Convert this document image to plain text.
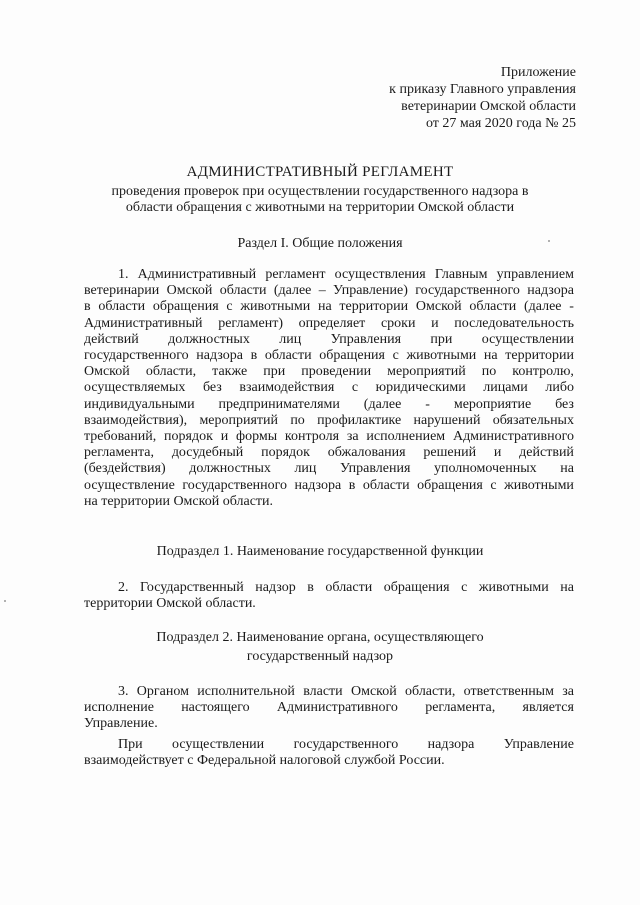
Приложение
к приказу Главного управления
ветеринарии Омской области
от 27 мая 2020 года № 25
АДМИНИСТРАТИВНЫЙ РЕГЛАМЕНТ
проведения проверок при осуществлении государственного надзора в области обращения с животными на территории Омской области
Раздел I. Общие положения
1. Административный регламент осуществления Главным управлением
ветеринарии Омской области (далее – Управление) государственного надзора
в области обращения с животными на территории Омской области (далее -
Административный регламент) определяет сроки и последовательность
действий должностных лиц Управления при осуществлении
государственного надзора в области обращения с животными на территории
Омской области, также при проведении мероприятий по контролю,
осуществляемых без взаимодействия с юридическими лицами либо
индивидуальными предпринимателями (далее - мероприятие без
взаимодействия), мероприятий по профилактике нарушений обязательных
требований, порядок и формы контроля за исполнением Административного
регламента, досудебный порядок обжалования решений и действий
(бездействия) должностных лиц Управления уполномоченных на
осуществление государственного надзора в области обращения с животными
на территории Омской области.
Подраздел 1. Наименование государственной функции
2. Государственный надзор в области обращения с животными на
территории Омской области.
Подраздел 2. Наименование органа, осуществляющего
государственный надзор
3. Органом исполнительной власти Омской области, ответственным за
исполнение настоящего Административного регламента, является
Управление.
При осуществлении государственного надзора Управление
взаимодействует с Федеральной налоговой службой России.
